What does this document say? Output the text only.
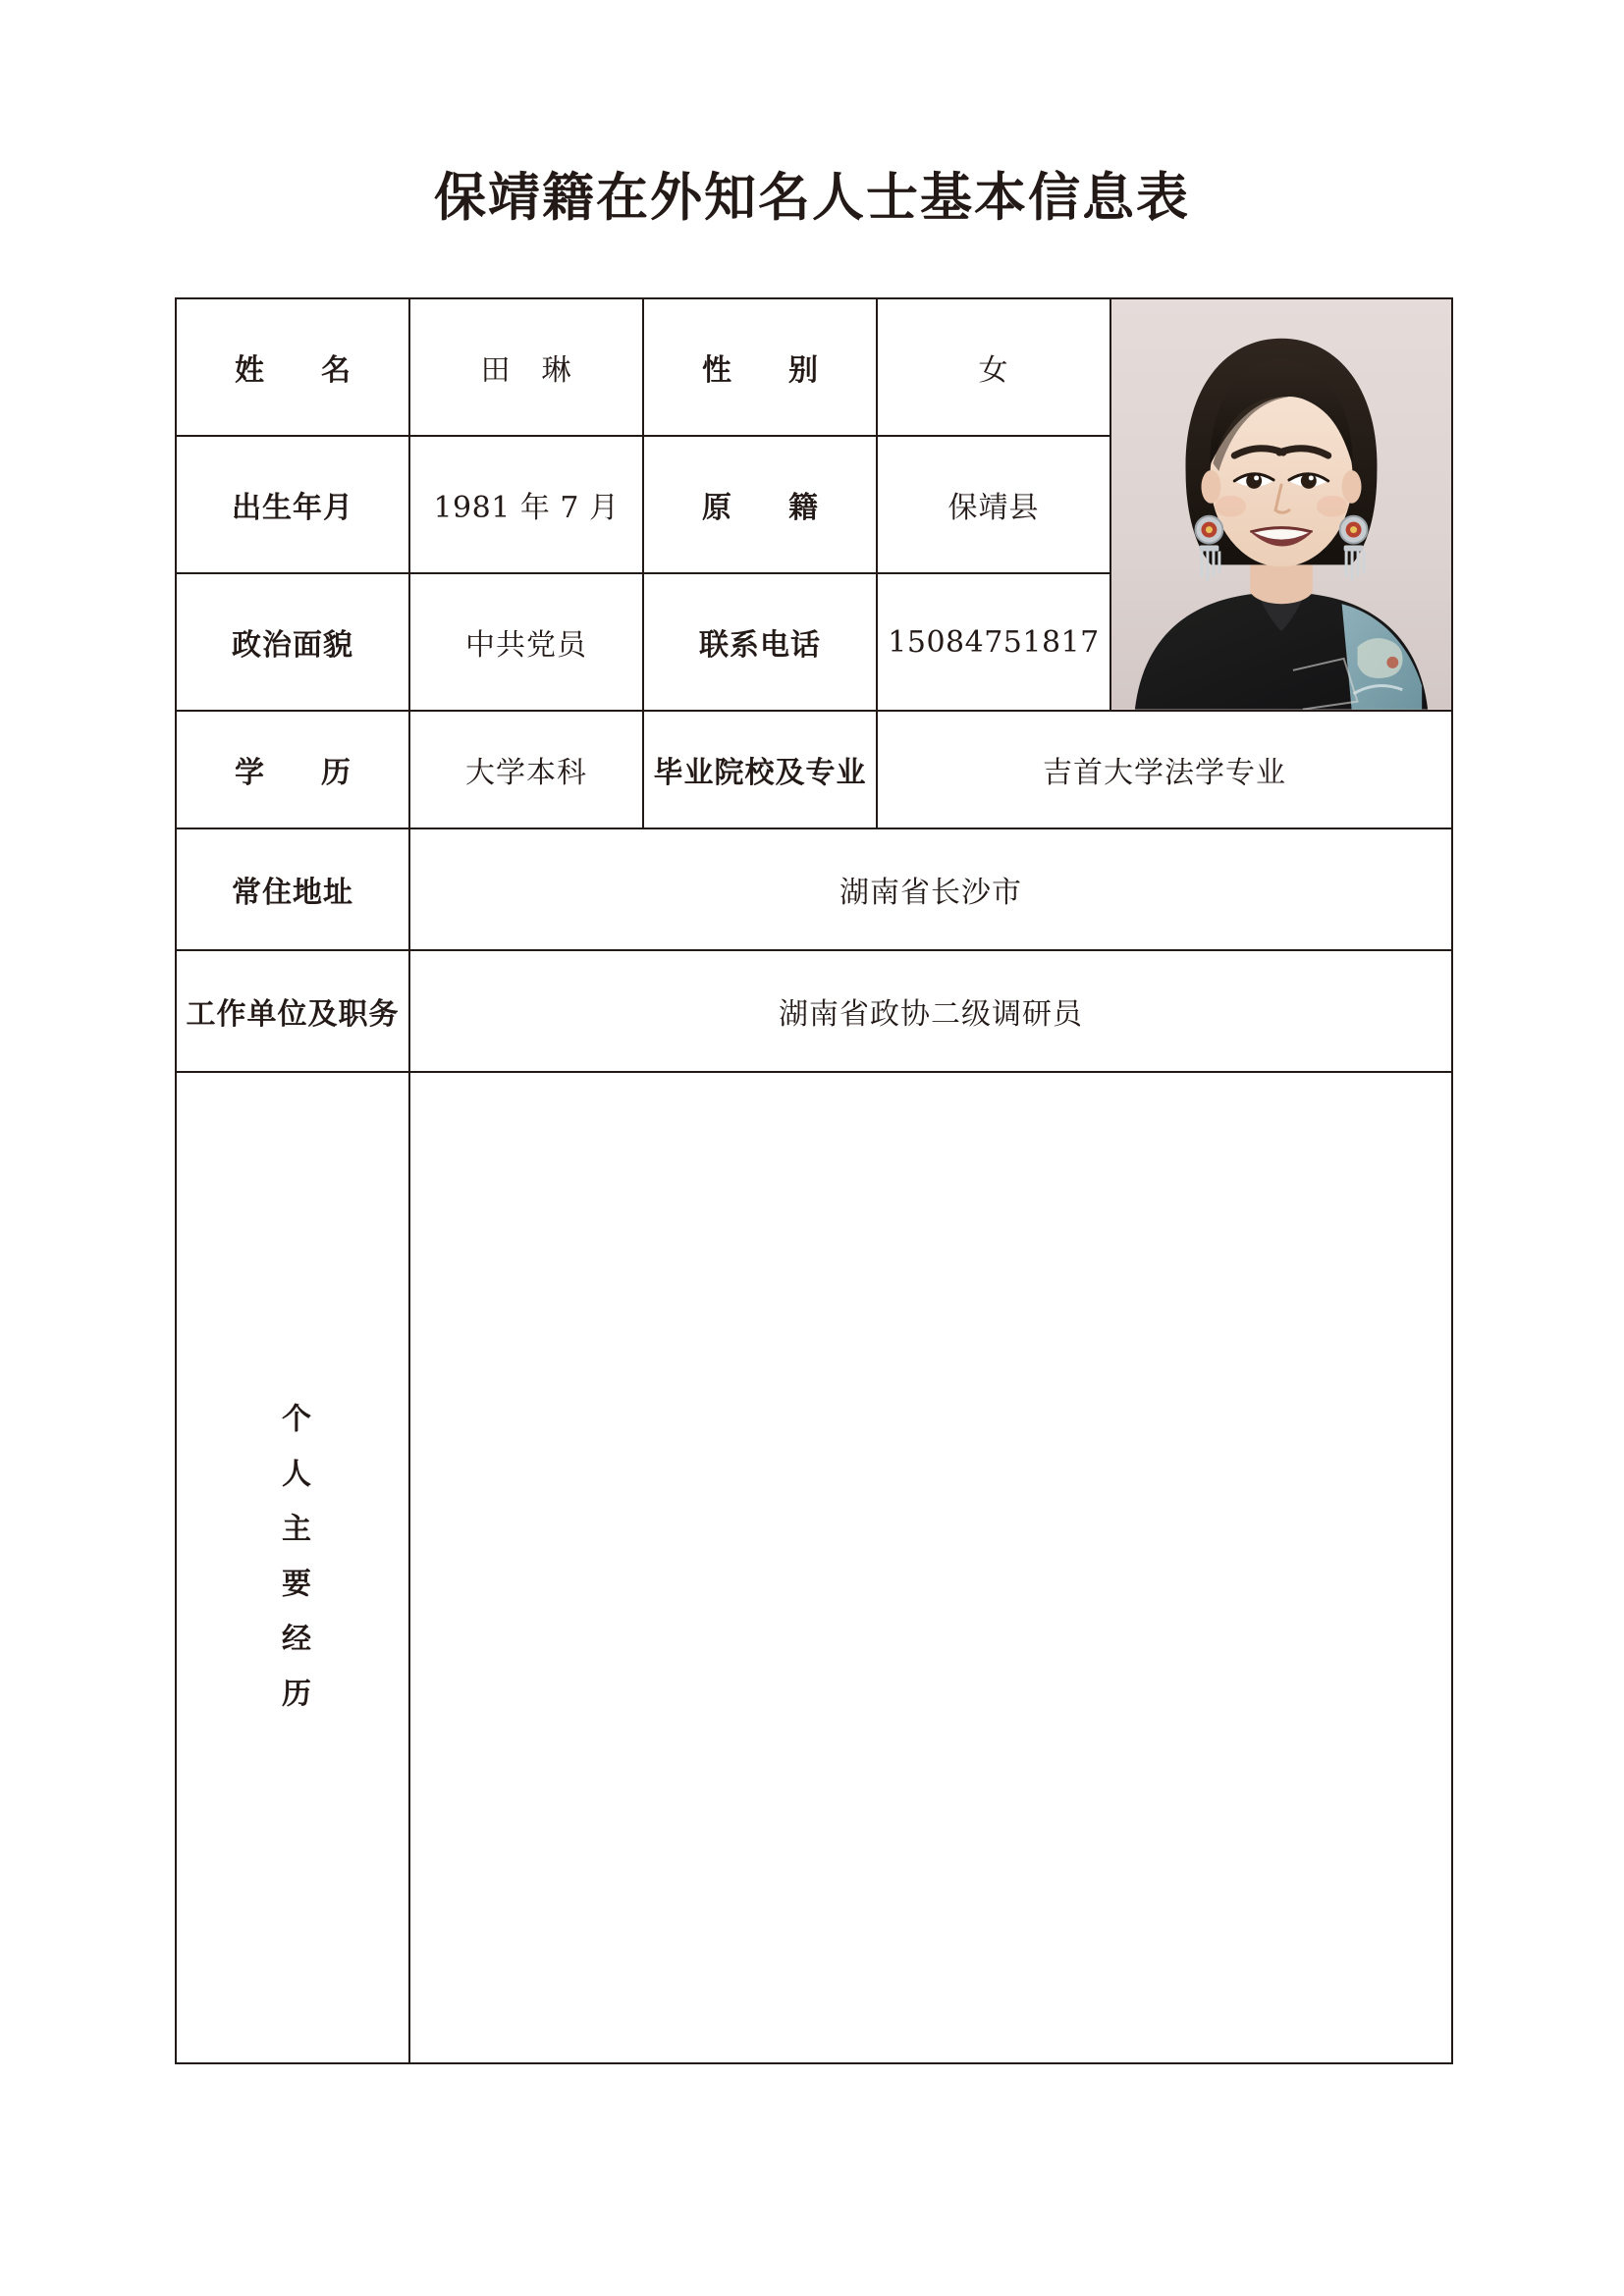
保靖籍在外知名人士基本信息表
姓　名	田　琳	性　别	女	

出生年月	1981 年 7 月	原　籍	保靖县	
政治面貌	中共党员	联系电话	15084751817	
学　历	大学本科	毕业院校及专业	吉首大学法学专业	
常住地址	湖南省长沙市			
工作单位及职务	湖南省政协二级调研员			

个人主要经历				
